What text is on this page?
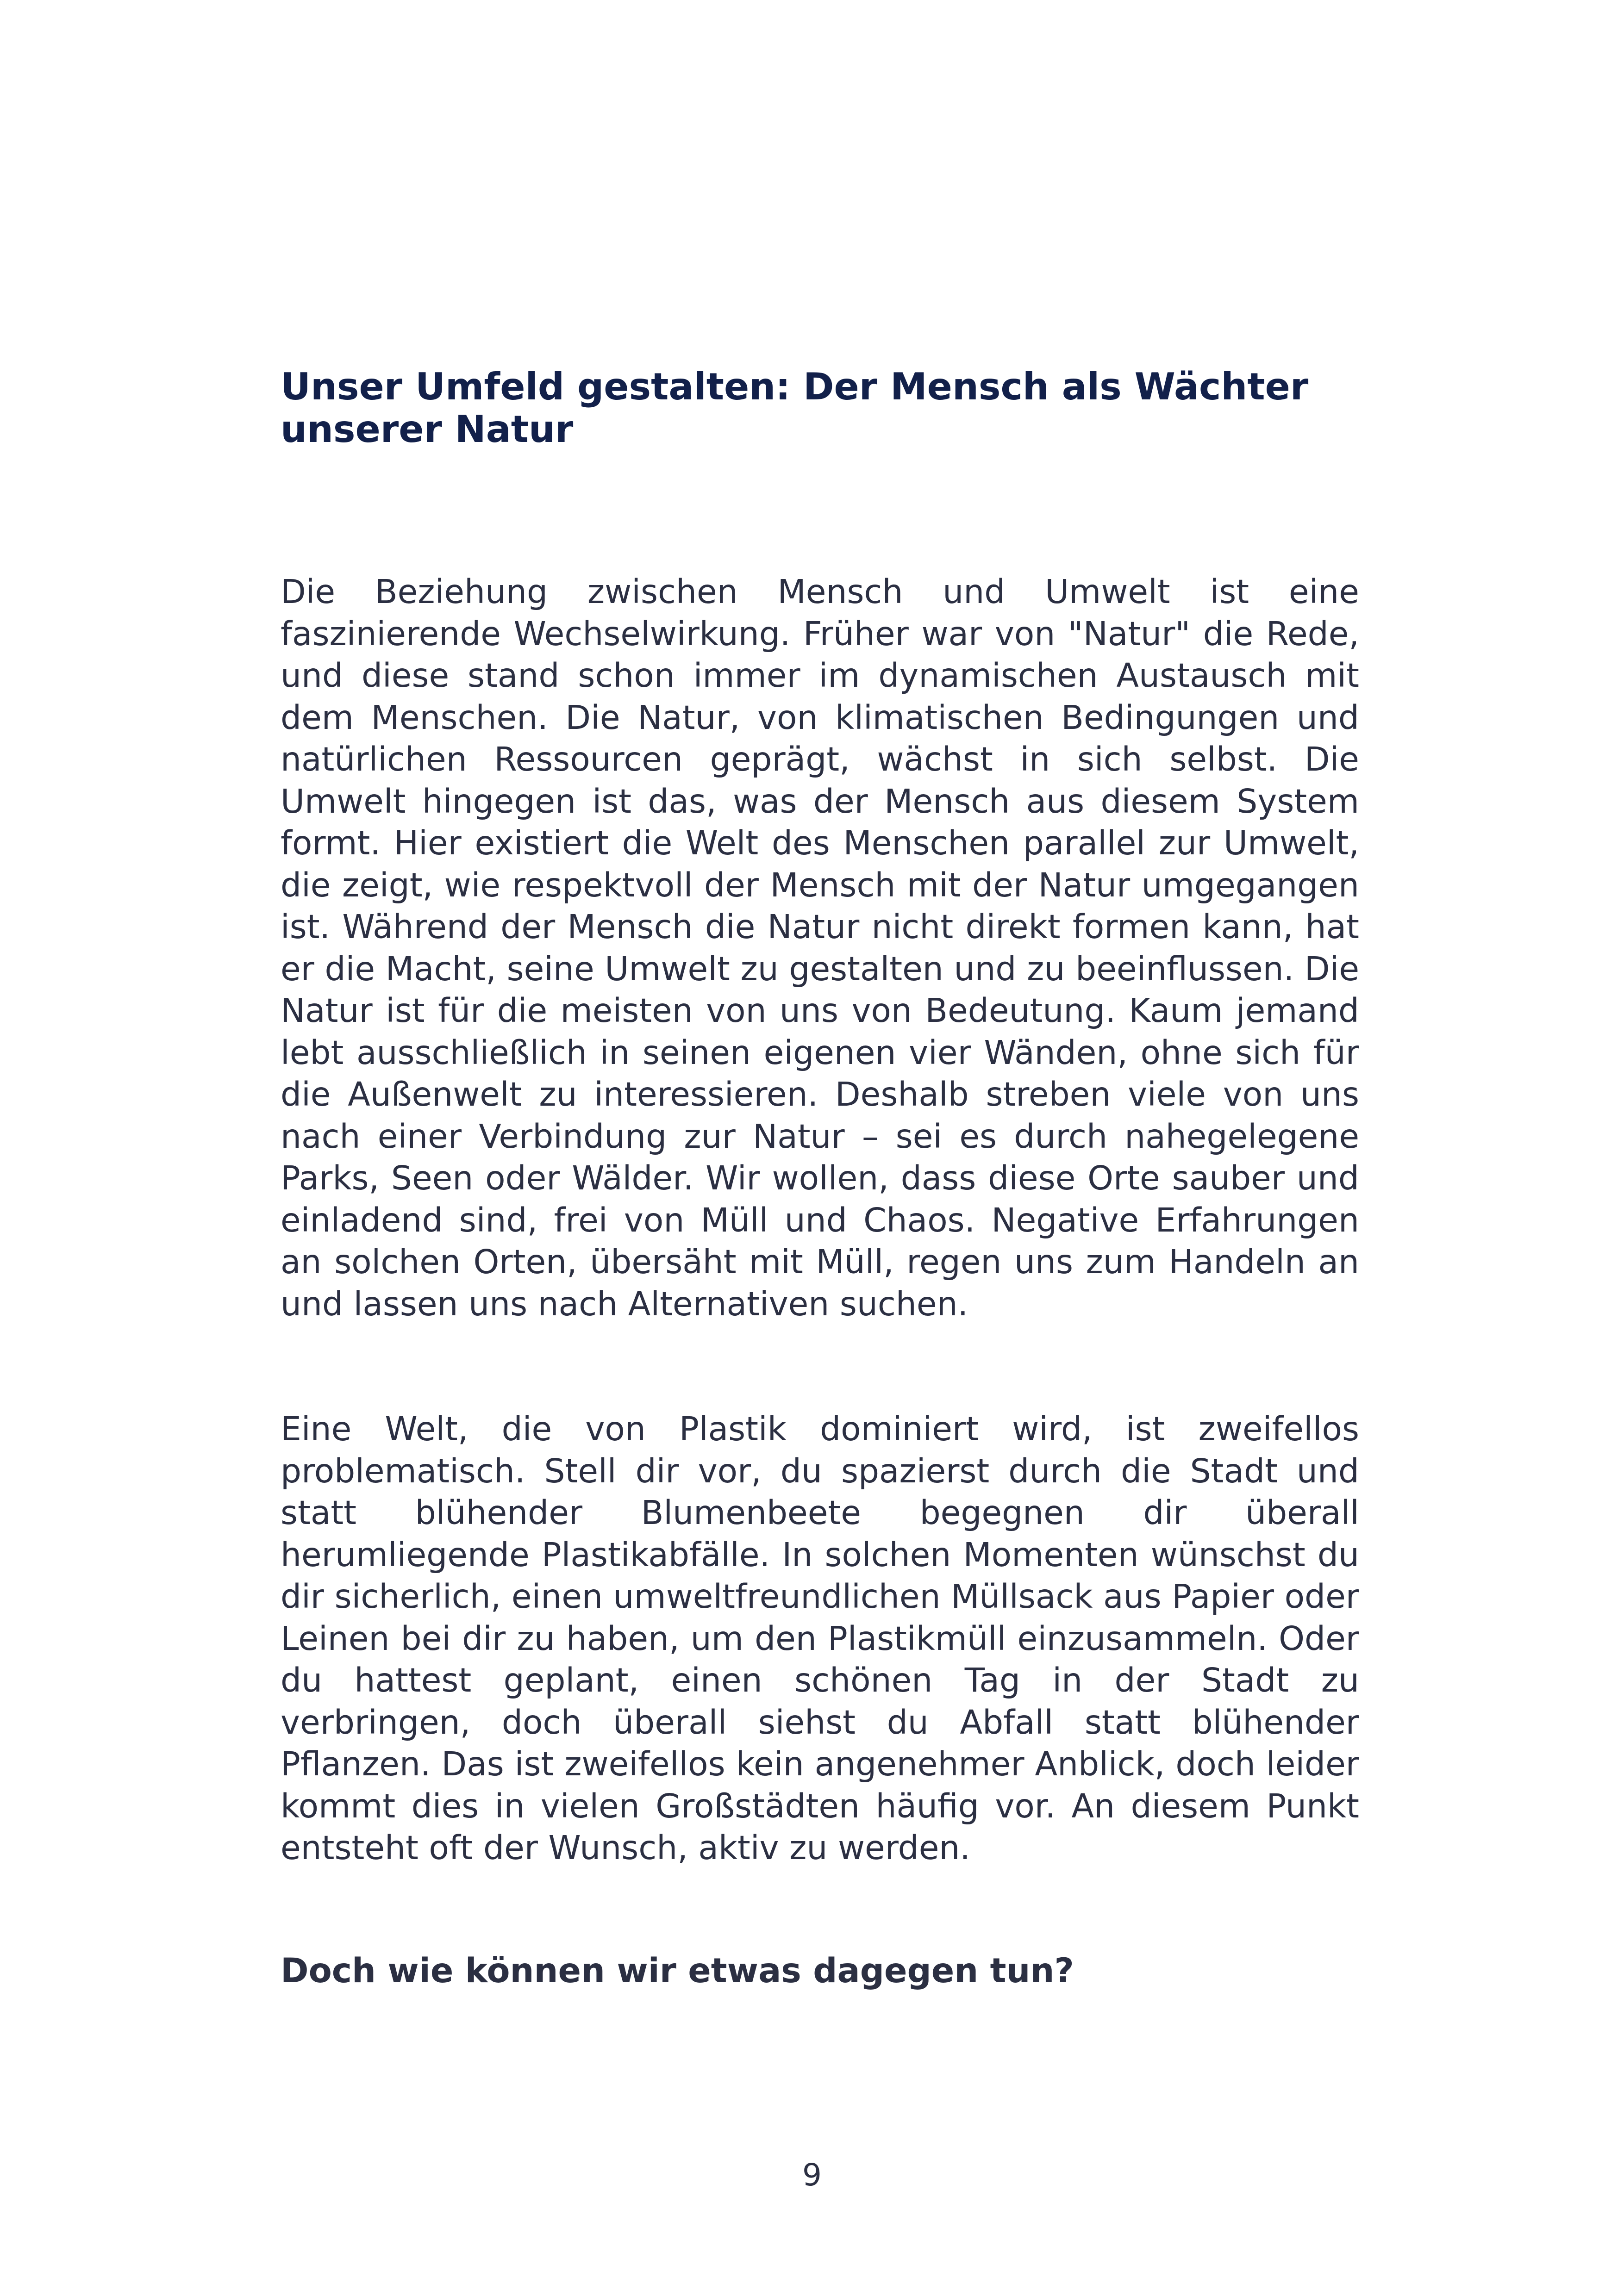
Unser Umfeld gestalten: Der Mensch als Wächter unserer Natur

Die Beziehung zwischen Mensch und Umwelt ist eine faszinierende Wechselwirkung. Früher war von "Natur" die Rede, und diese stand schon immer im dynamischen Austausch mit dem Menschen. Die Natur, von klimatischen Bedingungen und natürlichen Ressourcen geprägt, wächst in sich selbst. Die Umwelt hingegen ist das, was der Mensch aus diesem System formt. Hier existiert die Welt des Menschen parallel zur Umwelt, die zeigt, wie respektvoll der Mensch mit der Natur umgegangen ist. Während der Mensch die Natur nicht direkt formen kann, hat er die Macht, seine Umwelt zu gestalten und zu beeinflussen. Die Natur ist für die meisten von uns von Bedeutung. Kaum jemand lebt ausschließlich in seinen eigenen vier Wänden, ohne sich für die Außenwelt zu interessieren. Deshalb streben viele von uns nach einer Verbindung zur Natur – sei es durch nahegelegene Parks, Seen oder Wälder. Wir wollen, dass diese Orte sauber und einladend sind, frei von Müll und Chaos. Negative Erfahrungen an solchen Orten, übersäht mit Müll, regen uns zum Handeln an und lassen uns nach Alternativen suchen.

Eine Welt, die von Plastik dominiert wird, ist zweifellos problematisch. Stell dir vor, du spazierst durch die Stadt und statt blühender Blumenbeete begegnen dir überall herumliegende Plastikabfälle. In solchen Momenten wünschst du dir sicherlich, einen umweltfreundlichen Müllsack aus Papier oder Leinen bei dir zu haben, um den Plastikmüll einzusammeln. Oder du hattest geplant, einen schönen Tag in der Stadt zu verbringen, doch überall siehst du Abfall statt blühender Pflanzen. Das ist zweifellos kein angenehmer Anblick, doch leider kommt dies in vielen Großstädten häufig vor. An diesem Punkt entsteht oft der Wunsch, aktiv zu werden.

Doch wie können wir etwas dagegen tun?

9
